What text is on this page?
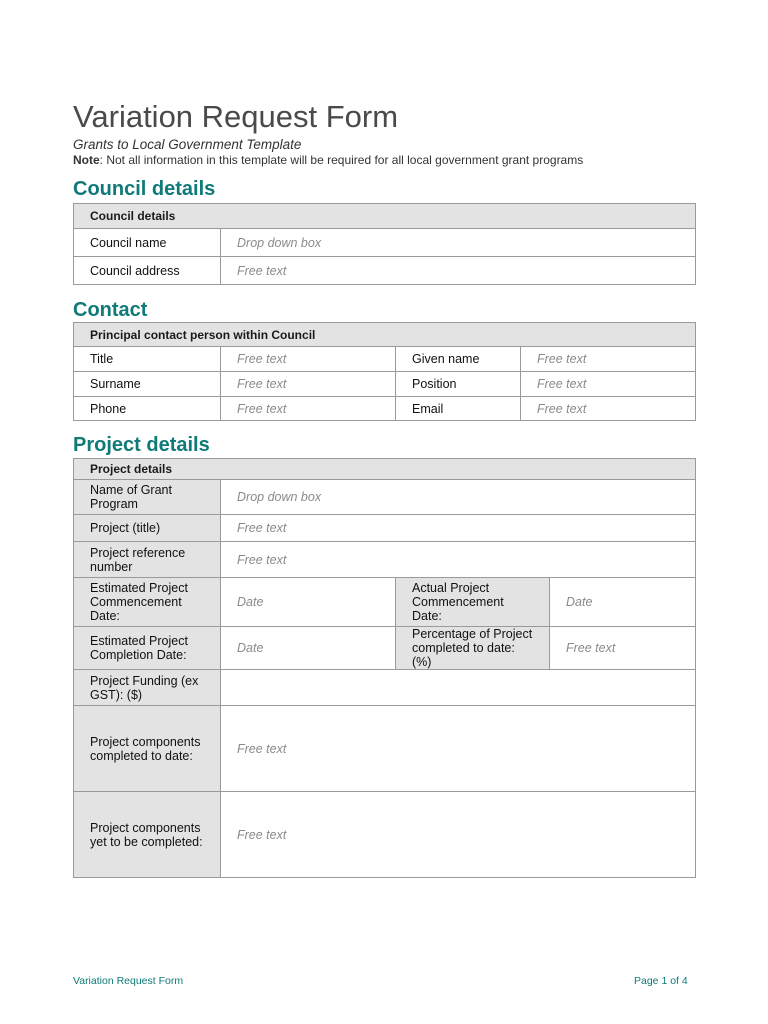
Variation Request Form
Grants to Local Government Template
Note: Not all information in this template will be required for all local government grant programs
Council details
Council details	
Council name	Drop down box
Council address	Free text
Contact
Principal contact person within Council			
Title	Free text	Given name	Free text
Surname	Free text	Position	Free text
Phone	Free text	Email	Free text
Project details
Project details			
Name of Grant Program	Drop down box		
Project (title)	Free text		
Project reference number	Free text		
Estimated Project Commencement Date:	Date	Actual Project Commencement Date:	Date
Estimated Project Completion Date:	Date	Percentage of Project completed to date: (%)	Free text
Project Funding (ex GST): ($)			
Project components completed to date:	Free text		
Project components yet to be completed:	Free text		
Variation Request Form	Page 1 of 4
